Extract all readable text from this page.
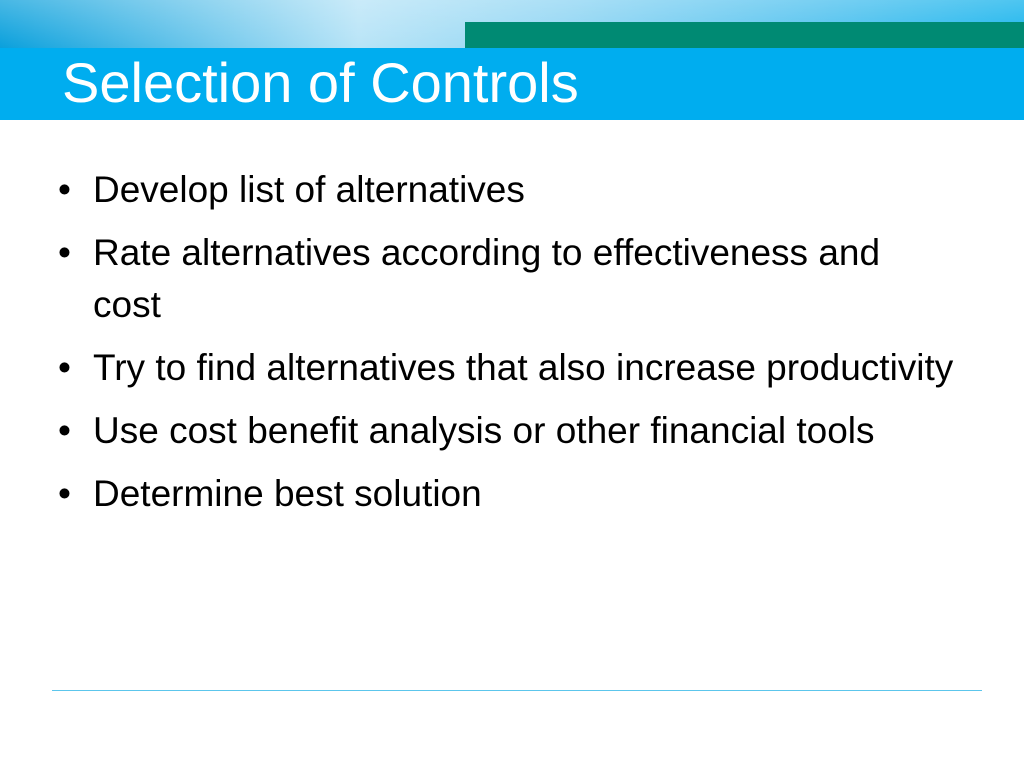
Selection of Controls
• Develop list of alternatives
• Rate alternatives according to effectiveness and cost
• Try to find alternatives that also increase productivity
• Use cost benefit analysis or other financial tools
• Determine best solution
